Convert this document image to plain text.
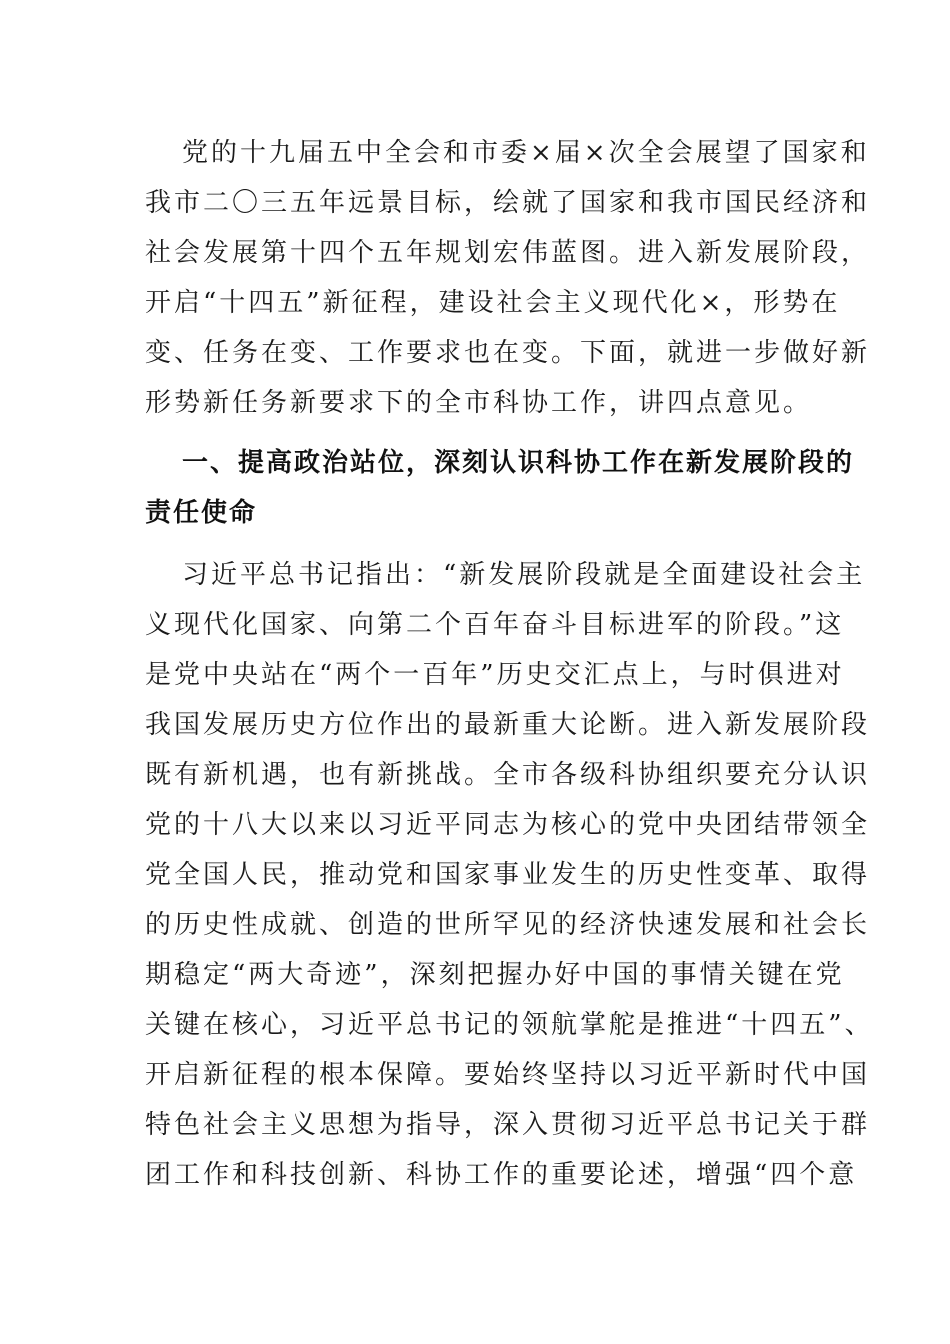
党的十九届五中全会和市委×届×次全会展望了国家和
我市二〇三五年远景目标，绘就了国家和我市国民经济和
社会发展第十四个五年规划宏伟蓝图。进入新发展阶段，
开启“十四五”新征程，建设社会主义现代化×，形势在
变、任务在变、工作要求也在变。下面，就进一步做好新
形势新任务新要求下的全市科协工作，讲四点意见。
一、提高政治站位，深刻认识科协工作在新发展阶段的
责任使命
习近平总书记指出：“新发展阶段就是全面建设社会主
义现代化国家、向第二个百年奋斗目标进军的阶段。”这
是党中央站在“两个一百年”历史交汇点上，与时俱进对
我国发展历史方位作出的最新重大论断。进入新发展阶段
既有新机遇，也有新挑战。全市各级科协组织要充分认识
党的十八大以来以习近平同志为核心的党中央团结带领全
党全国人民，推动党和国家事业发生的历史性变革、取得
的历史性成就、创造的世所罕见的经济快速发展和社会长
期稳定“两大奇迹”，深刻把握办好中国的事情关键在党
关键在核心，习近平总书记的领航掌舵是推进“十四五”、
开启新征程的根本保障。要始终坚持以习近平新时代中国
特色社会主义思想为指导，深入贯彻习近平总书记关于群
团工作和科技创新、科协工作的重要论述，增强“四个意
